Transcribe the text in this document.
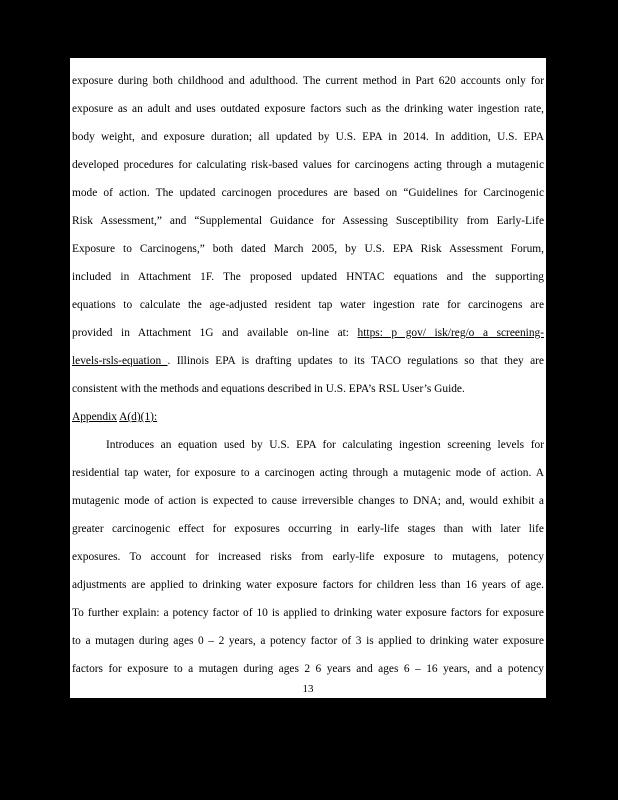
exposure during both childhood and adulthood. The current method in Part 620 accounts only for
exposure as an adult and uses outdated exposure factors such as the drinking water ingestion rate,
body weight, and exposure duration; all updated by U.S. EPA in 2014. In addition, U.S. EPA
developed procedures for calculating risk-based values for carcinogens acting through a mutagenic
mode of action. The updated carcinogen procedures are based on “Guidelines for Carcinogenic
Risk Assessment,” and “Supplemental Guidance for Assessing Susceptibility from Early-Life
Exposure to Carcinogens,” both dated March 2005, by U.S. EPA Risk Assessment Forum,
included in Attachment 1F. The proposed updated HNTAC equations and the supporting
equations to calculate the age-adjusted resident tap water ingestion rate for carcinogens are
provided in Attachment 1G and available on-line at: https: p gov/ isk/reg/o a screening-
levels-rsls-equation . Illinois EPA is drafting updates to its TACO regulations so that they are
consistent with the methods and equations described in U.S. EPA’s RSL User’s Guide.
Appendix A(d)(1):
Introduces an equation used by U.S. EPA for calculating ingestion screening levels for
residential tap water, for exposure to a carcinogen acting through a mutagenic mode of action. A
mutagenic mode of action is expected to cause irreversible changes to DNA; and, would exhibit a
greater carcinogenic effect for exposures occurring in early-life stages than with later life
exposures. To account for increased risks from early-life exposure to mutagens, potency
adjustments are applied to drinking water exposure factors for children less than 16 years of age.
To further explain: a potency factor of 10 is applied to drinking water exposure factors for exposure
to a mutagen during ages 0 – 2 years, a potency factor of 3 is applied to drinking water exposure
factors for exposure to a mutagen during ages 2 6 years and ages 6 – 16 years, and a potency
13
